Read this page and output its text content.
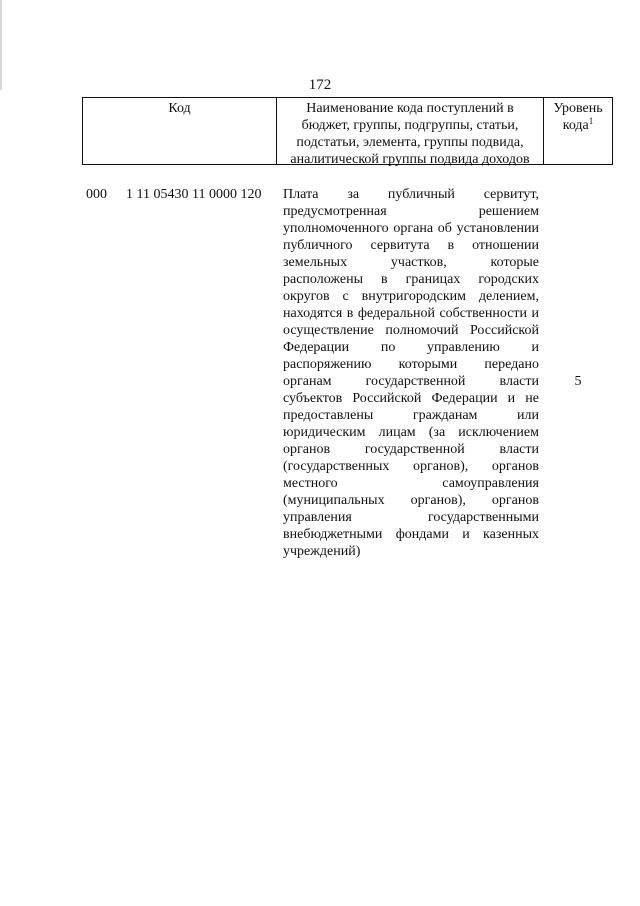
172
Код	Наименование кода поступлений в бюджет, группы, подгруппы, статьи, подстатьи, элемента, группы подвида, аналитической группы подвида доходов
Уровень кода$^1$
000 1 11 05430 11 0000 120 Плата за публичный сервитут, предусмотренная решением уполномоченного органа об установлении публичного сервитута в отношении земельных участков, которые расположены в границах городских округов с внутригородским делением, находятся в федеральной собственности и осуществление полномочий Российской Федерации по управлению и распоряжению которыми передано органам государственной власти субъектов Российской Федерации и не предоставлены гражданам или юридическим лицам (за исключением органов государственной власти (государственных органов), органов местного самоуправления (муниципальных органов), органов управления государственными внебюджетными фондами и казенных учреждений)
5
